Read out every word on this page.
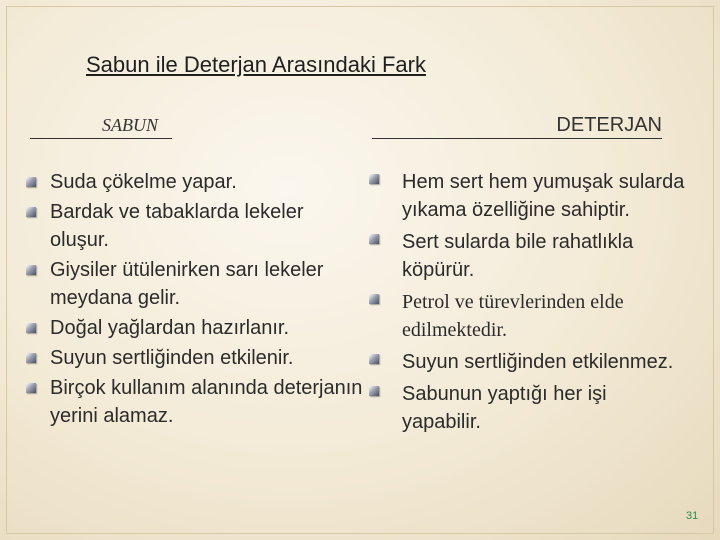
Sabun ile Deterjan Arasındaki Fark
SABUN	DETERJAN
Suda çökelme yapar.
Bardak ve tabaklarda lekeler oluşur.
Giysiler ütülenirken sarı lekeler meydana gelir.
Doğal yağlardan hazırlanır.
Suyun sertliğinden etkilenir.
Birçok kullanım alanında deterjanın yerini alamaz.
Hem sert hem yumuşak sularda yıkama özelliğine sahiptir.
Sert sularda bile rahatlıkla köpürür.
Petrol ve türevlerinden elde edilmektedir.
Suyun sertliğinden etkilenmez.
Sabunun yaptığı her işi yapabilir.
31
